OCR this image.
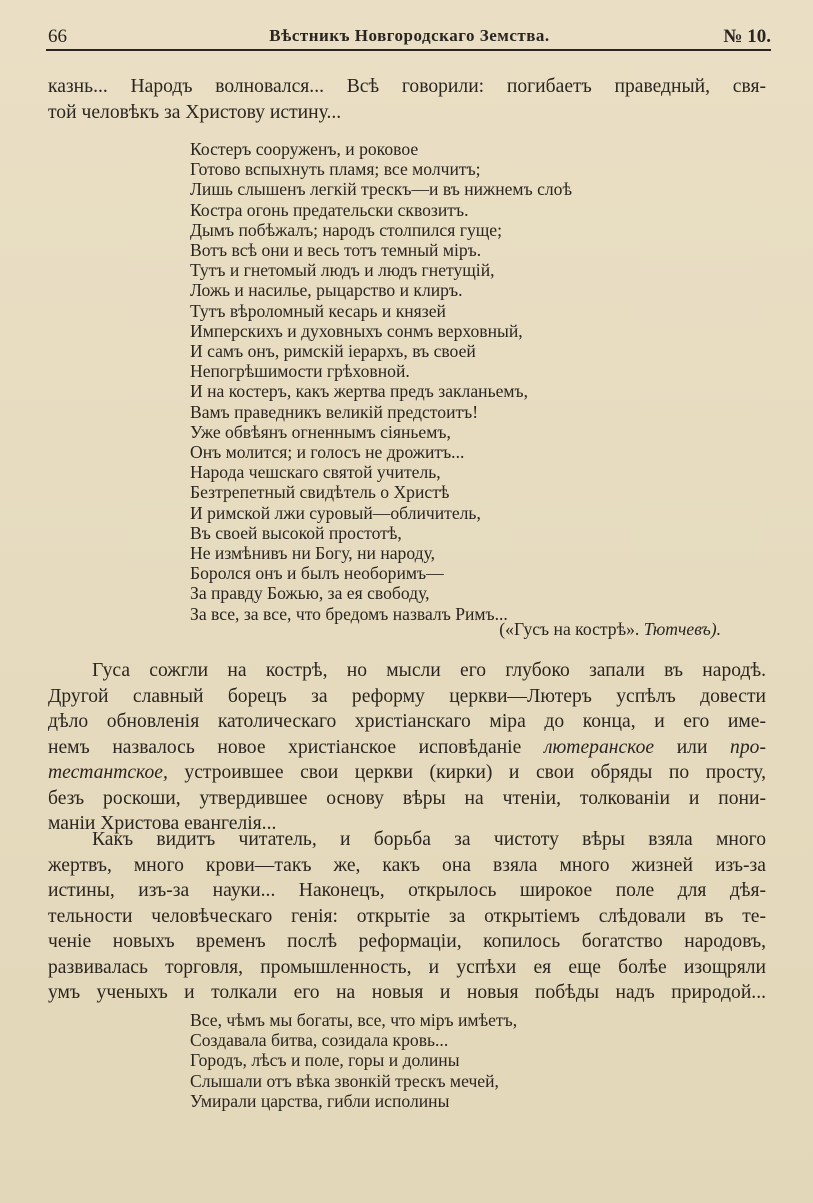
66	Вѣстникъ Новгородскаго Земства.	№ 10.
казнь... Народъ волновался... Всѣ говорили: погибаетъ праведный, свя-
той человѣкъ за Христову истину...
Костеръ сооруженъ, и роковое
Готово вспыхнуть пламя; все молчитъ;
Лишь слышенъ легкій трескъ—и въ нижнемъ слоѣ
Костра огонь предательски сквозитъ.
Дымъ побѣжалъ; народъ столпился гуще;
Вотъ всѣ они и весь тотъ темный міръ.
Тутъ и гнетомый людъ и людъ гнетущій,
Ложь и насилье, рыцарство и клиръ.
Тутъ вѣроломный кесарь и князей
Имперскихъ и духовныхъ сонмъ верховный,
И самъ онъ, римскій іерархъ, въ своей
Непогрѣшимости грѣховной.
И на костеръ, какъ жертва предъ закланьемъ,
Вамъ праведникъ великій предстоитъ!
Уже обвѣянъ огненнымъ сіяньемъ,
Онъ молится; и голосъ не дрожитъ...
Народа чешскаго святой учитель,
Безтрепетный свидѣтель о Христѣ
И римской лжи суровый—обличитель,
Въ своей высокой простотѣ,
Не измѣнивъ ни Богу, ни народу,
Боролся онъ и былъ необоримъ—
За правду Божью, за ея свободу,
За все, за все, что бредомъ назвалъ Римъ...
(«Гусъ на кострѣ». Тютчевъ).
Гуса сожгли на кострѣ, но мысли его глубоко запали въ народѣ.
Другой славный борецъ за реформу церкви—Лютеръ успѣлъ довести
дѣло обновленія католическаго христіанскаго міра до конца, и его име-
немъ назвалось новое христіанское исповѣданіе лютеранское или про-
тестантское, устроившее свои церкви (кирки) и свои обряды по просту,
безъ роскоши, утвердившее основу вѣры на чтеніи, толкованіи и пони-
маніи Христова евангелія...
Какъ видитъ читатель, и борьба за чистоту вѣры взяла много
жертвъ, много крови—такъ же, какъ она взяла много жизней изъ-за
истины, изъ-за науки... Наконецъ, открылось широкое поле для дѣя-
тельности человѣческаго генія: открытіе за открытіемъ слѣдовали въ те-
ченіе новыхъ временъ послѣ реформаціи, копилось богатство народовъ,
развивалась торговля, промышленность, и успѣхи ея еще болѣе изощряли
умъ ученыхъ и толкали его на новыя и новыя побѣды надъ природой...
Все, чѣмъ мы богаты, все, что міръ имѣетъ,
Создавала битва, созидала кровь...
Городъ, лѣсъ и поле, горы и долины
Слышали отъ вѣка звонкій трескъ мечей,
Умирали царства, гибли исполины
